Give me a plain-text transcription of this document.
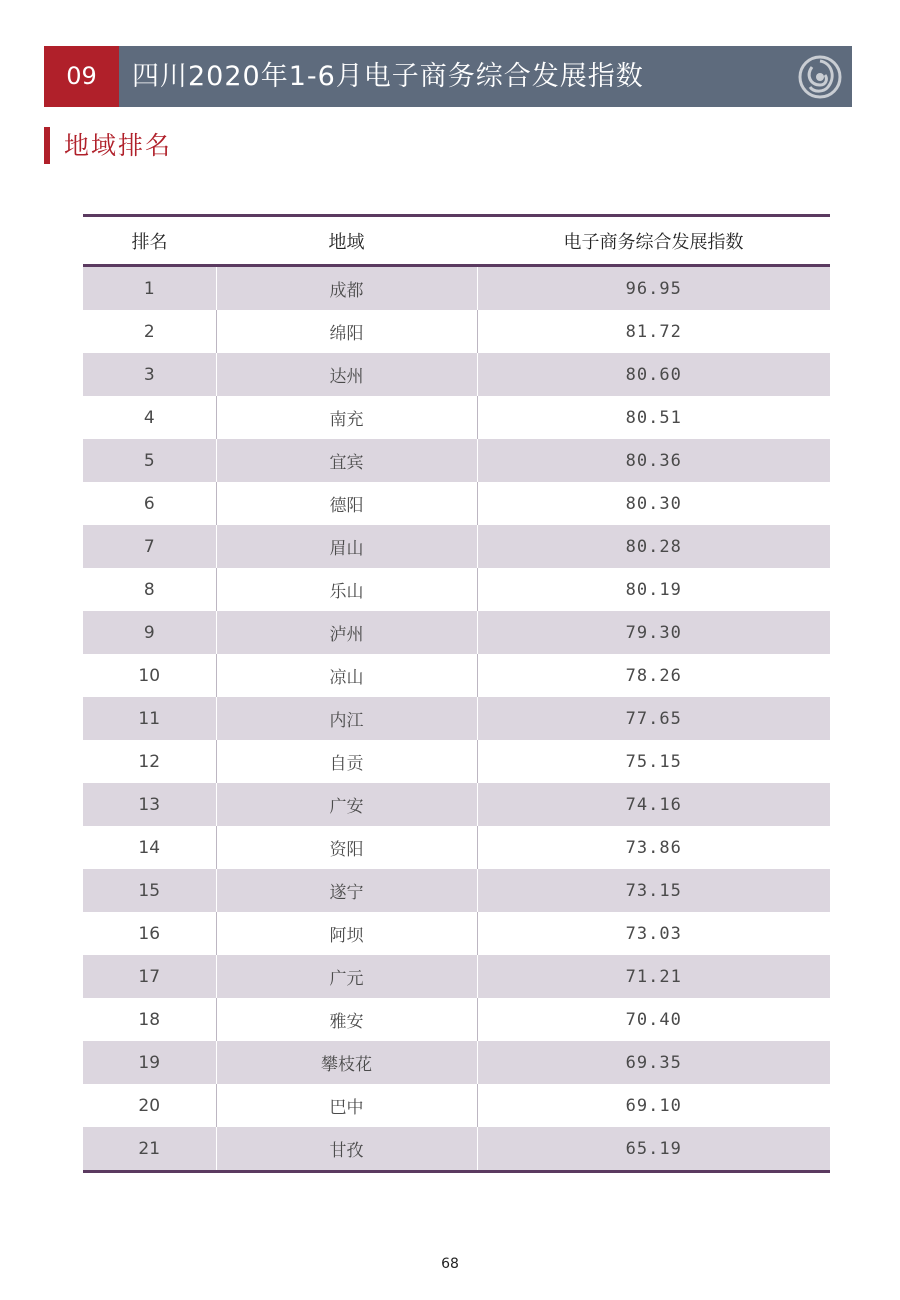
09	四川2020年1-6月电子商务综合发展指数
地域排名
排名	地域	电子商务综合发展指数
1	成都	96.95
2	绵阳	81.72
3	达州	80.60
4	南充	80.51
5	宜宾	80.36
6	德阳	80.30
7	眉山	80.28
8	乐山	80.19
9	泸州	79.30
10	凉山	78.26
11	内江	77.65
12	自贡	75.15
13	广安	74.16
14	资阳	73.86
15	遂宁	73.15
16	阿坝	73.03
17	广元	71.21
18	雅安	70.40
19	攀枝花	69.35
20	巴中	69.10
21	甘孜	65.19
68
